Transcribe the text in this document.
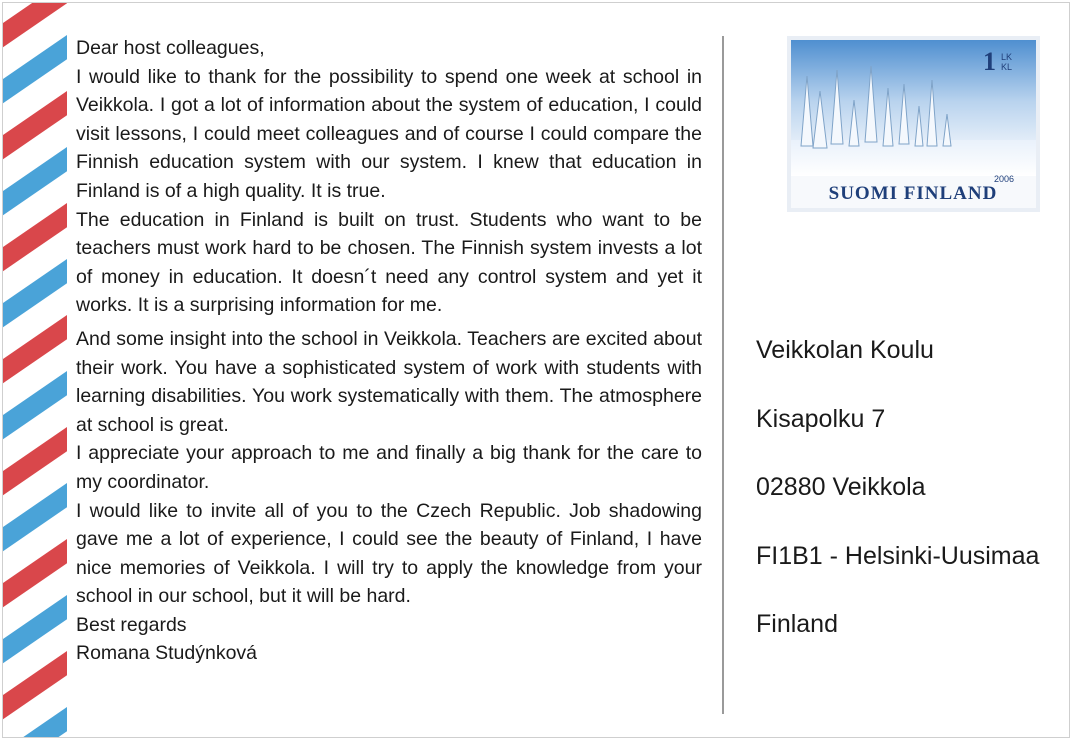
Dear host colleagues,

I would like to thank for the possibility to spend one week at school in Veikkola. I got a lot of information about the system of education, I could visit lessons, I could meet colleagues and of course I could compare the Finnish education system with our system. I knew that education in Finland is of a high quality. It is true.

The education in Finland is built on trust. Students who want to be teachers must work hard to be chosen. The Finnish system invests a lot of money in education. It doesn´t need any control system and yet it works. It is a surprising information for me.

And some insight into the school in Veikkola. Teachers are excited about their work. You have a sophisticated system of work with students with learning disabilities. You work systematically with them. The atmosphere at school is great.

I appreciate your approach to me and finally a big thank for the care to my coordinator.

I would like to invite all of you to the Czech Republic. Job shadowing gave me a lot of experience, I could see the beauty of Finland, I have nice memories of Veikkola. I will try to apply the knowledge from your school in our school, but it will be hard.

Best regards

Romana Studýnková

1 LK
KL
2006
SUOMI FINLAND
Veikkolan Koulu
Kisapolku 7
02880 Veikkola
FI1B1 - Helsinki-Uusimaa
Finland
